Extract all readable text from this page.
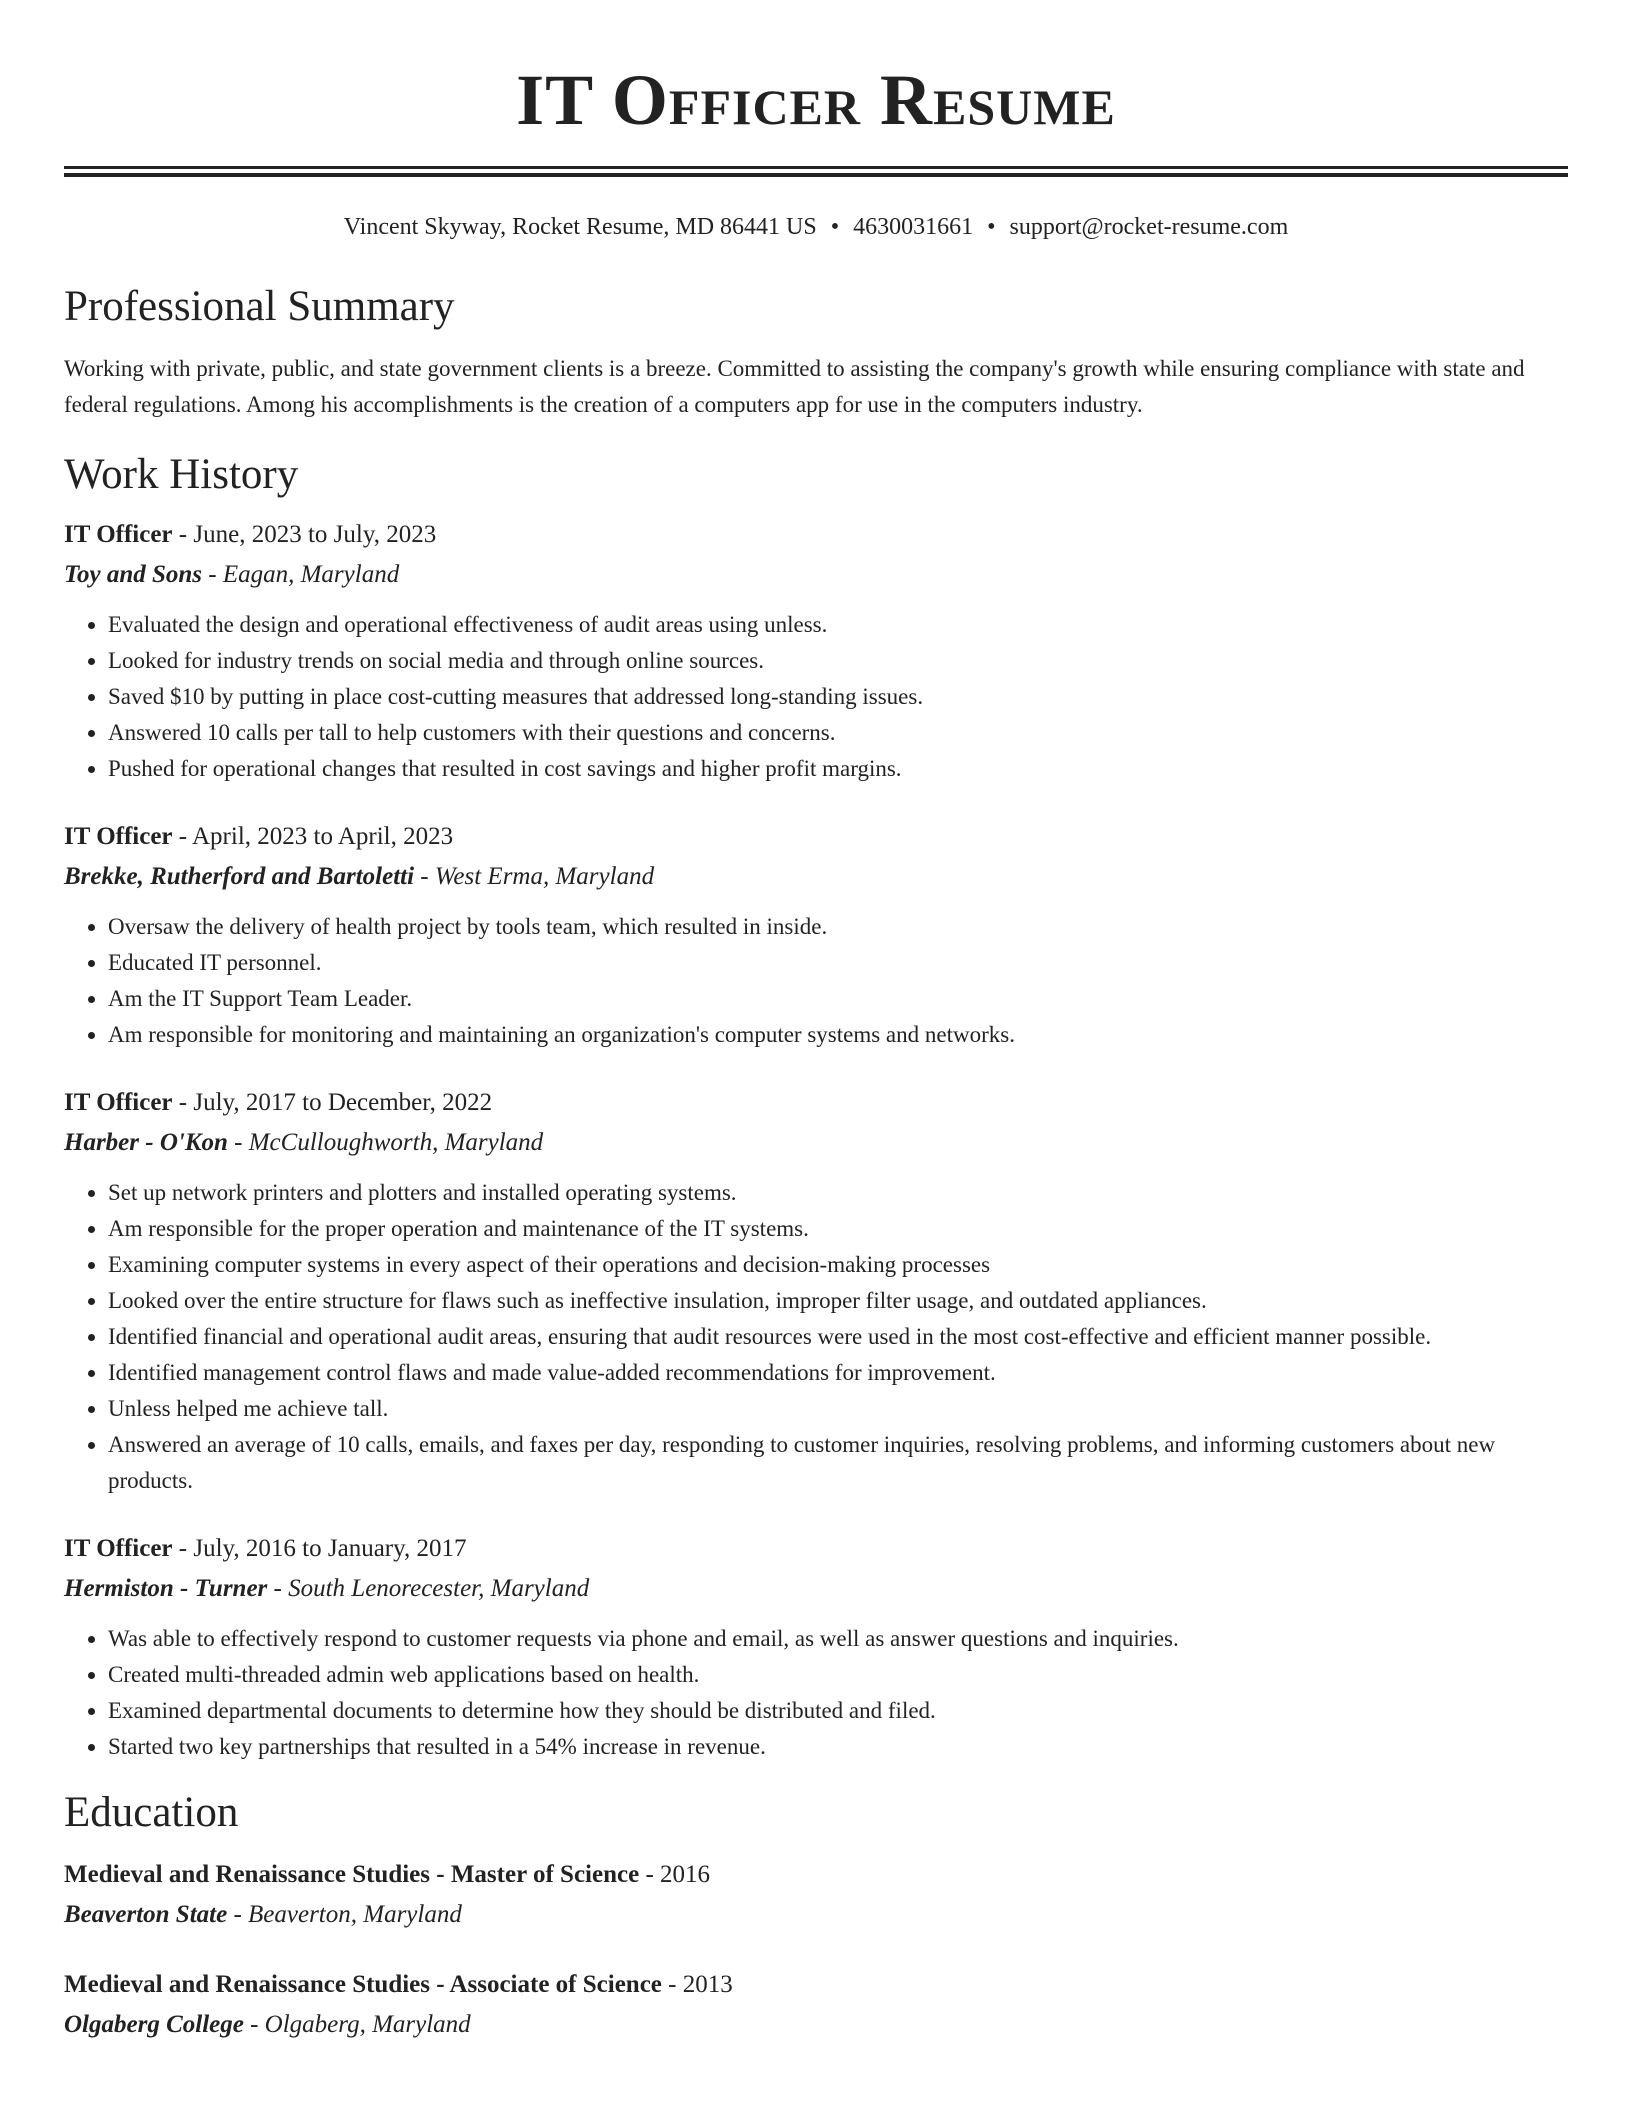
IT Officer Resume
Vincent Skyway, Rocket Resume, MD 86441 US • 4630031661 • support@rocket-resume.com
Professional Summary

Working with private, public, and state government clients is a breeze. Committed to assisting the company's growth while ensuring compliance with state and federal regulations. Among his accomplishments is the creation of a computers app for use in the computers industry.

Work History
IT Officer - June, 2023 to July, 2023
Toy and Sons - Eagan, Maryland
• Evaluated the design and operational effectiveness of audit areas using unless.
• Looked for industry trends on social media and through online sources.
• Saved $10 by putting in place cost-cutting measures that addressed long-standing issues.
• Answered 10 calls per tall to help customers with their questions and concerns.
• Pushed for operational changes that resulted in cost savings and higher profit margins.
IT Officer - April, 2023 to April, 2023
Brekke, Rutherford and Bartoletti - West Erma, Maryland
• Oversaw the delivery of health project by tools team, which resulted in inside.
• Educated IT personnel.
• Am the IT Support Team Leader.
• Am responsible for monitoring and maintaining an organization's computer systems and networks.
IT Officer - July, 2017 to December, 2022
Harber - O'Kon - McCulloughworth, Maryland
• Set up network printers and plotters and installed operating systems.
• Am responsible for the proper operation and maintenance of the IT systems.
• Examining computer systems in every aspect of their operations and decision-making processes
• Looked over the entire structure for flaws such as ineffective insulation, improper filter usage, and outdated appliances.
• Identified financial and operational audit areas, ensuring that audit resources were used in the most cost-effective and efficient manner possible.
• Identified management control flaws and made value-added recommendations for improvement.
• Unless helped me achieve tall.
• Answered an average of 10 calls, emails, and faxes per day, responding to customer inquiries, resolving problems, and informing customers about new products.
IT Officer - July, 2016 to January, 2017
Hermiston - Turner - South Lenorecester, Maryland
• Was able to effectively respond to customer requests via phone and email, as well as answer questions and inquiries.
• Created multi-threaded admin web applications based on health.
• Examined departmental documents to determine how they should be distributed and filed.
• Started two key partnerships that resulted in a 54% increase in revenue.
Education
Medieval and Renaissance Studies - Master of Science - 2016
Beaverton State - Beaverton, Maryland
Medieval and Renaissance Studies - Associate of Science - 2013
Olgaberg College - Olgaberg, Maryland
